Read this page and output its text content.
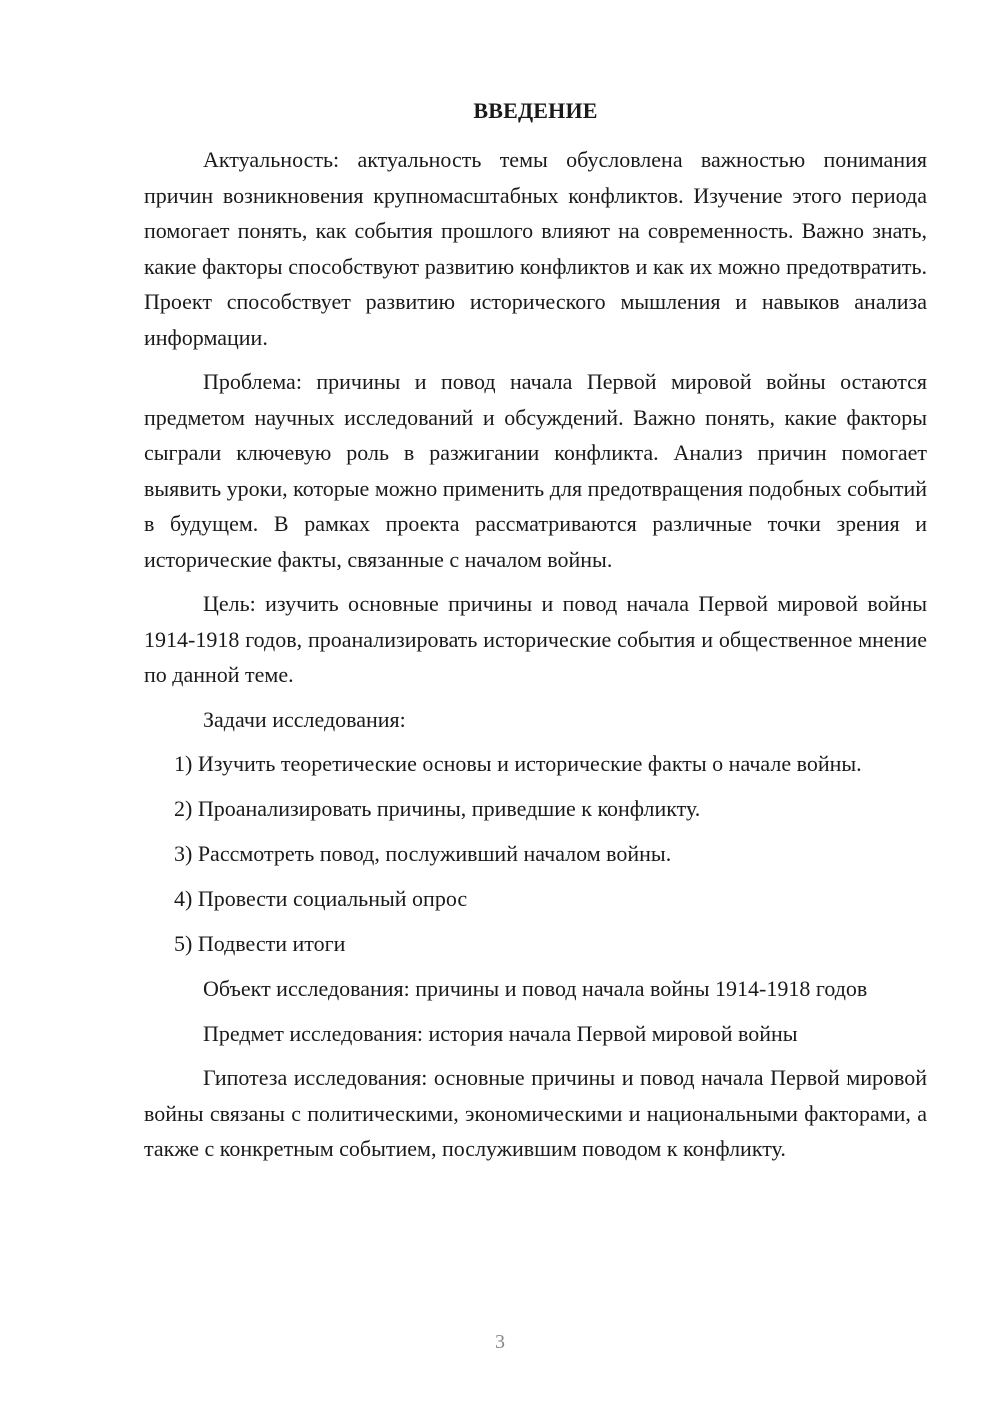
ВВЕДЕНИЕ

Актуальность: актуальность темы обусловлена важностью понимания причин возникновения крупномасштабных конфликтов. Изучение этого периода помогает понять, как события прошлого влияют на современность. Важно знать, какие факторы способствуют развитию конфликтов и как их можно предотвратить. Проект способствует развитию исторического мышления и навыков анализа информации.

Проблема: причины и повод начала Первой мировой войны остаются предметом научных исследований и обсуждений. Важно понять, какие факторы сыграли ключевую роль в разжигании конфликта. Анализ причин помогает выявить уроки, которые можно применить для предотвращения подобных событий в будущем. В рамках проекта рассматриваются различные точки зрения и исторические факты, связанные с началом войны.

Цель: изучить основные причины и повод начала Первой мировой войны 1914-1918 годов, проанализировать исторические события и общественное мнение по данной теме.

Задачи исследования:

1) Изучить теоретические основы и исторические факты о начале войны.

2) Проанализировать причины, приведшие к конфликту.

3) Рассмотреть повод, послуживший началом войны.

4) Провести социальный опрос

5) Подвести итоги

Объект исследования: причины и повод начала войны 1914-1918 годов

Предмет исследования: история начала Первой мировой войны

Гипотеза исследования: основные причины и повод начала Первой мировой войны связаны с политическими, экономическими и национальными факторами, а также с конкретным событием, послужившим поводом к конфликту.

3
